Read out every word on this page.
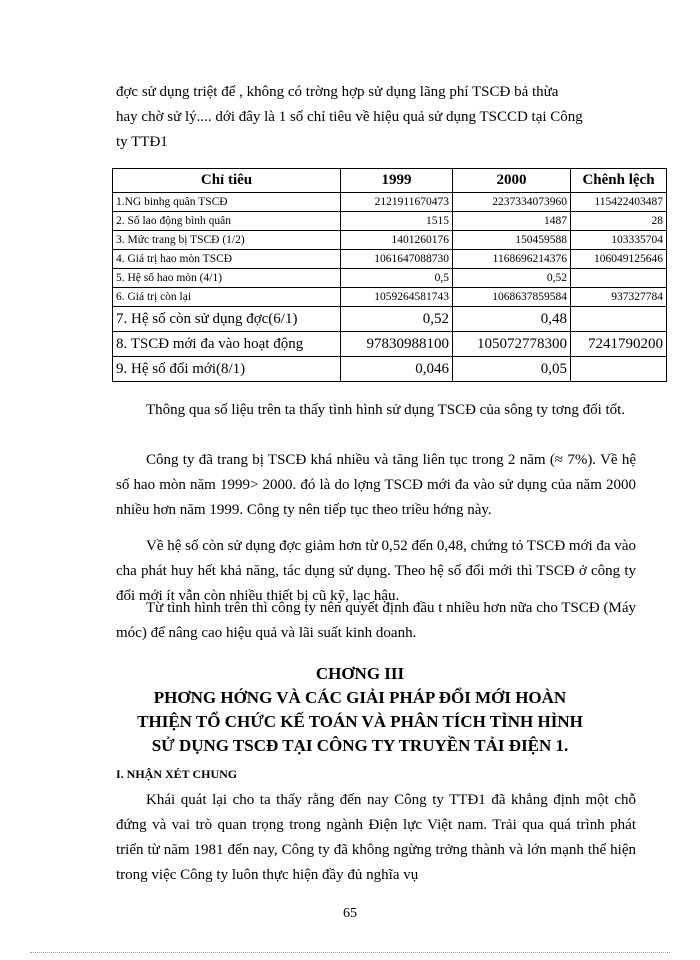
đợc sử dụng triệt để , không có trờng hợp sử dụng lãng phí TSCĐ bả thừa

hay chờ sử lý.... dới đây là 1 số chỉ tiêu về hiệu quả sử dụng TSCCD tại Công

ty TTĐ1

Chỉ tiêu	1999	2000	Chênh lệch
1.NG binhg quân TSCĐ	2121911670473	2237334073960	115422403487
2. Số lao động bình quân	1515	1487	28
3. Mức trang bị TSCĐ (1/2)	1401260176	150459588	103335704
4. Giá trị hao mòn TSCĐ	1061647088730	1168696214376	106049125646
5. Hệ số hao mòn (4/1)	0,5	0,52	
6. Giá trị còn lại	1059264581743	1068637859584	937327784
7. Hệ số còn sử dụng đợc(6/1)	0,52	0,48	
8. TSCĐ mới đa vào hoạt động	97830988100	105072778300	7241790200
9. Hệ số đổi mới(8/1)	0,046	0,05	

Thông qua số liệu trên ta thấy tình hình sử dụng TSCĐ của sông ty tơng đối tốt.

Công ty đã trang bị TSCĐ khá nhiều và tăng liên tục trong 2 năm (≈ 7%). Về hệ số hao mòn năm 1999> 2000. đó là do lợng TSCĐ mới đa vào sử dụng của năm 2000 nhiều hơn năm 1999. Công ty nên tiếp tục theo triều hớng này.

Về hệ số còn sử dụng đợc giảm hơn từ 0,52 đến 0,48, chứng tỏ TSCĐ mới đa vào cha phát huy hết khả năng, tác dụng sử dụng. Theo hệ số đổi mới thì TSCĐ ở công ty đổi mới ít vẫn còn nhiều thiết bị cũ kỹ, lạc hậu.

Từ tình hình trên thì công ty nên quyết định đầu t nhiều hơn nữa cho TSCĐ (Máy móc) để nâng cao hiệu quả và lãi suất kinh doanh.

CHƠNG III

PHƠNG HỚNG VÀ CÁC GIẢI PHÁP ĐỔI MỚI HOÀN

THIỆN TỔ CHỨC KẾ TOÁN VÀ PHÂN TÍCH TÌNH HÌNH

SỬ DỤNG TSCĐ TẠI CÔNG TY TRUYỀN TẢI ĐIỆN 1.

I. NHẬN XÉT CHUNG

Khái quát lại cho ta thấy rằng đến nay Công ty TTĐ1 đã khẳng định một chỗ đứng và vai trò quan trọng trong ngành Điện lực Việt nam. Trải qua quá trình phát triển từ năm 1981 đến nay, Công ty đã không ngừng trởng thành và lớn mạnh thể hiện trong việc Công ty luôn thực hiện đầy đủ nghĩa vụ

65
